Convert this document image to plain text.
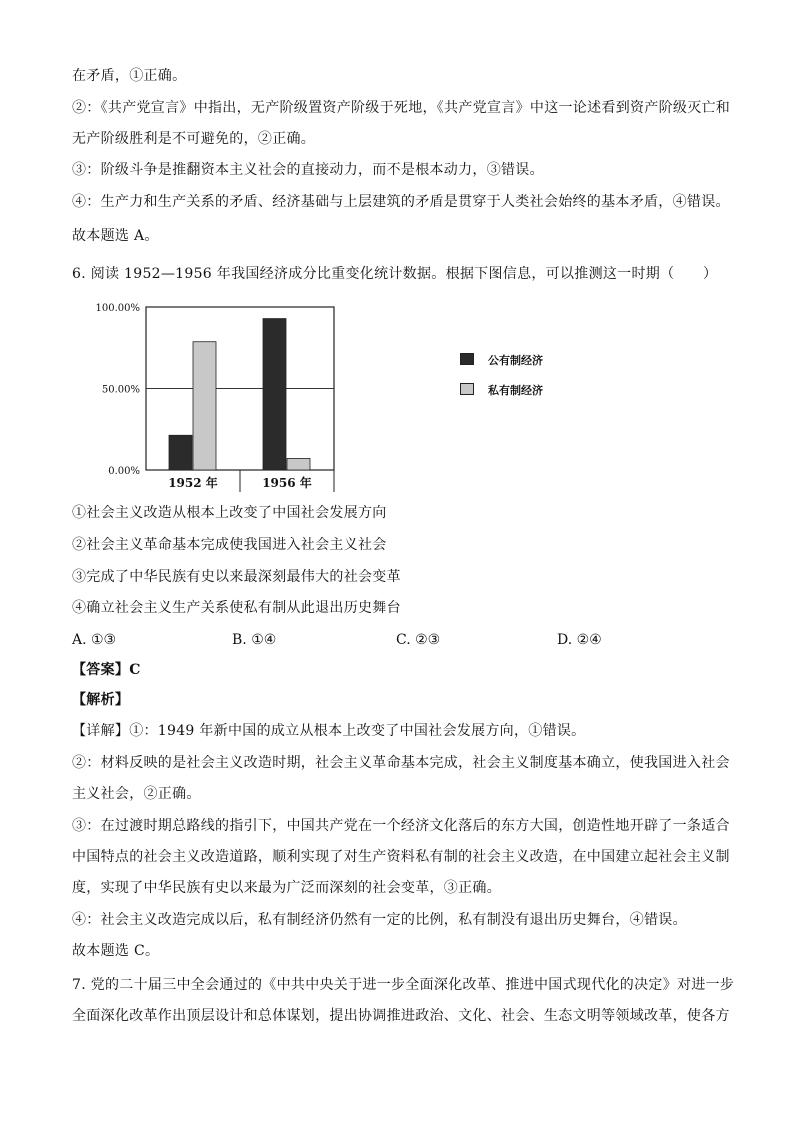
在矛盾，①正确。
②：《共产党宣言》中指出，无产阶级置资产阶级于死地，《共产党宣言》中这一论述看到资产阶级灭亡和
无产阶级胜利是不可避免的，②正确。
③：阶级斗争是推翻资本主义社会的直接动力，而不是根本动力，③错误。
④：生产力和生产关系的矛盾、经济基础与上层建筑的矛盾是贯穿于人类社会始终的基本矛盾，④错误。
故本题选 A。
6. 阅读 1952—1956 年我国经济成分比重变化统计数据。根据下图信息，可以推测这一时期（　　）
100.00%
50.00%
0.00%
1952 年	1956 年
公有制经济
私有制经济
①社会主义改造从根本上改变了中国社会发展方向
②社会主义革命基本完成使我国进入社会主义社会
③完成了中华民族有史以来最深刻最伟大的社会变革
④确立社会主义生产关系使私有制从此退出历史舞台
A. ①③	B. ①④	C. ②③	D. ②④
【答案】C
【解析】
【详解】①：1949 年新中国的成立从根本上改变了中国社会发展方向，①错误。
②：材料反映的是社会主义改造时期，社会主义革命基本完成，社会主义制度基本确立，使我国进入社会
主义社会，②正确。
③：在过渡时期总路线的指引下，中国共产党在一个经济文化落后的东方大国，创造性地开辟了一条适合
中国特点的社会主义改造道路，顺利实现了对生产资料私有制的社会主义改造，在中国建立起社会主义制
度，实现了中华民族有史以来最为广泛而深刻的社会变革，③正确。
④：社会主义改造完成以后，私有制经济仍然有一定的比例，私有制没有退出历史舞台，④错误。
故本题选 C。
7. 党的二十届三中全会通过的《中共中央关于进一步全面深化改革、推进中国式现代化的决定》对进一步
全面深化改革作出顶层设计和总体谋划，提出协调推进政治、文化、社会、生态文明等领域改革，使各方
